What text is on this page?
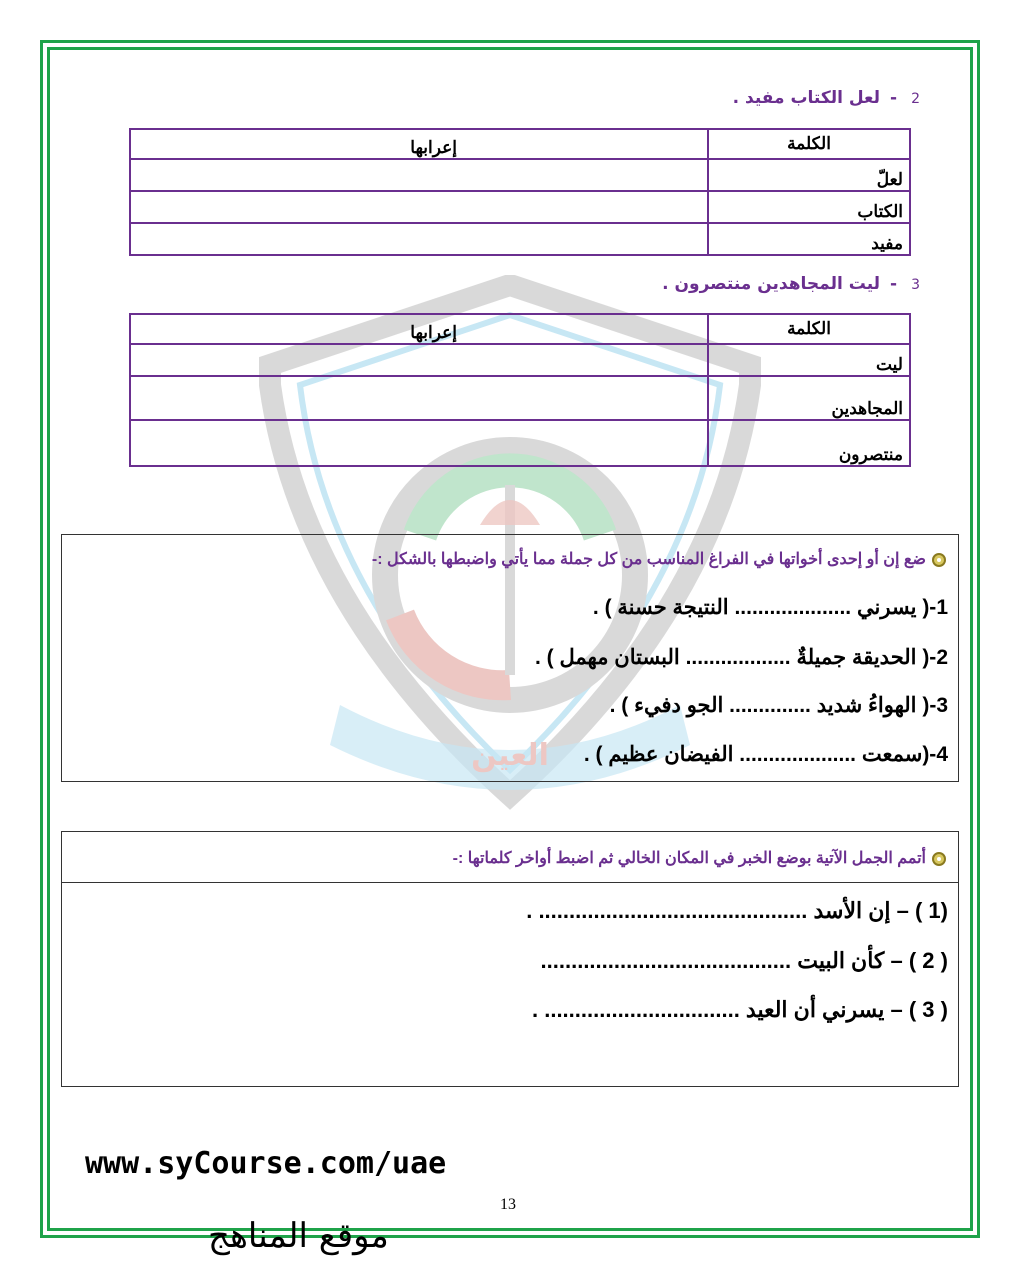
العين
2-لعل الكتاب مفيد .
الكلمة	إعرابها
لعلّ	
الكتاب	
مفيد	
3-ليت المجاهدين منتصرون .
الكلمة	إعرابها
ليت	
المجاهدين	
منتصرون	
ضع إن أو إحدى أخواتها في الفراغ المناسب من كل جملة مما يأتي واضبطها بالشكل :-
1-( يسرني .................... النتيجة حسنة ) .
2-( الحديقة جميلةٌ .................. البستان مهمل ) .
3-( الهواءُ شديد .............. الجو دفيء ) .
4-(سمعت .................... الفيضان عظيم ) .
أتمم الجمل الآتية بوضع الخبر في المكان الخالي ثم اضبط أواخر كلماتها :-
(1 ) – إن الأسد ............................................ .
( 2 ) – كأن البيت .........................................
( 3 ) – يسرني أن العيد ................................ .
www.syCourse.com/uae
13
موقع المناهج
